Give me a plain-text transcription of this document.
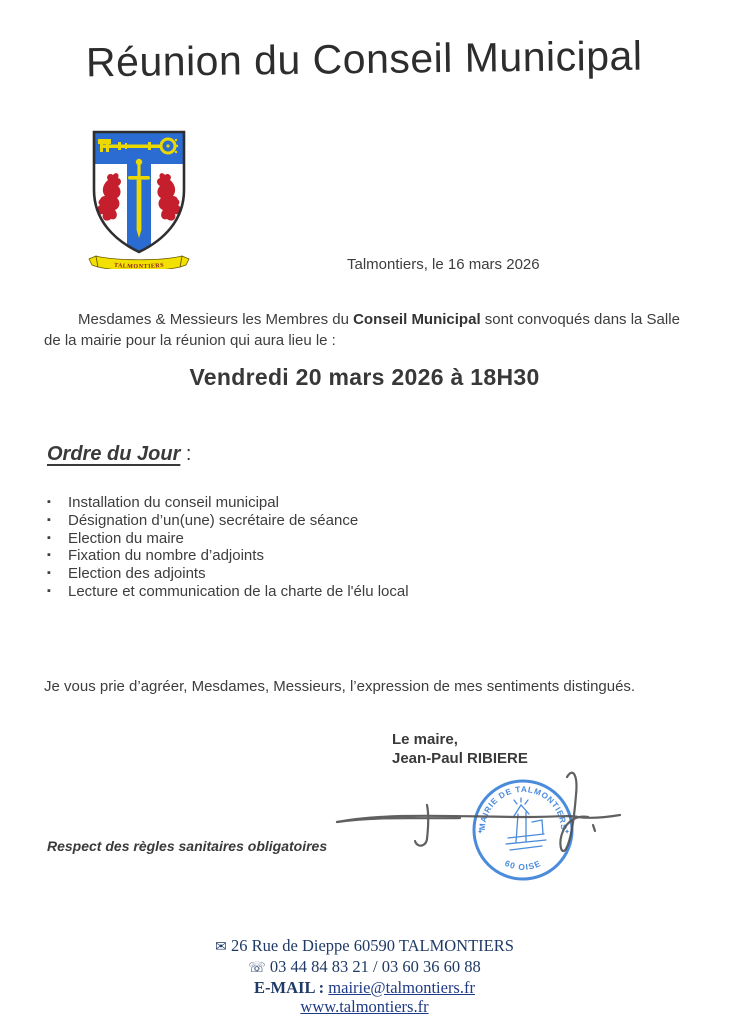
Réunion du Conseil Municipal
TALMONTIERS	Talmontiers, le 16 mars 2026
Mesdames & Messieurs les Membres du Conseil Municipal sont convoqués dans la Salle de la mairie pour la réunion qui aura lieu le :
Vendredi 20 mars 2026 à 18H30
Ordre du Jour :
▪ Installation du conseil municipal
▪ Désignation d’un(une) secrétaire de séance
▪ Election du maire
▪ Fixation du nombre d’adjoints
▪ Election des adjoints
▪ Lecture et communication de la charte de l'élu local
Je vous prie d’agréer, Mesdames, Messieurs, l’expression de mes sentiments distingués.
Le maire,
Jean-Paul RIBIERE
MAIRIE DE TALMONTIERS
60 OISE
✦	✦
Respect des règles sanitaires obligatoires
✉ 26 Rue de Dieppe 60590 TALMONTIERS
☏ 03 44 84 83 21 / 03 60 36 60 88
E-MAIL : mairie@talmontiers.fr
www.talmontiers.fr
